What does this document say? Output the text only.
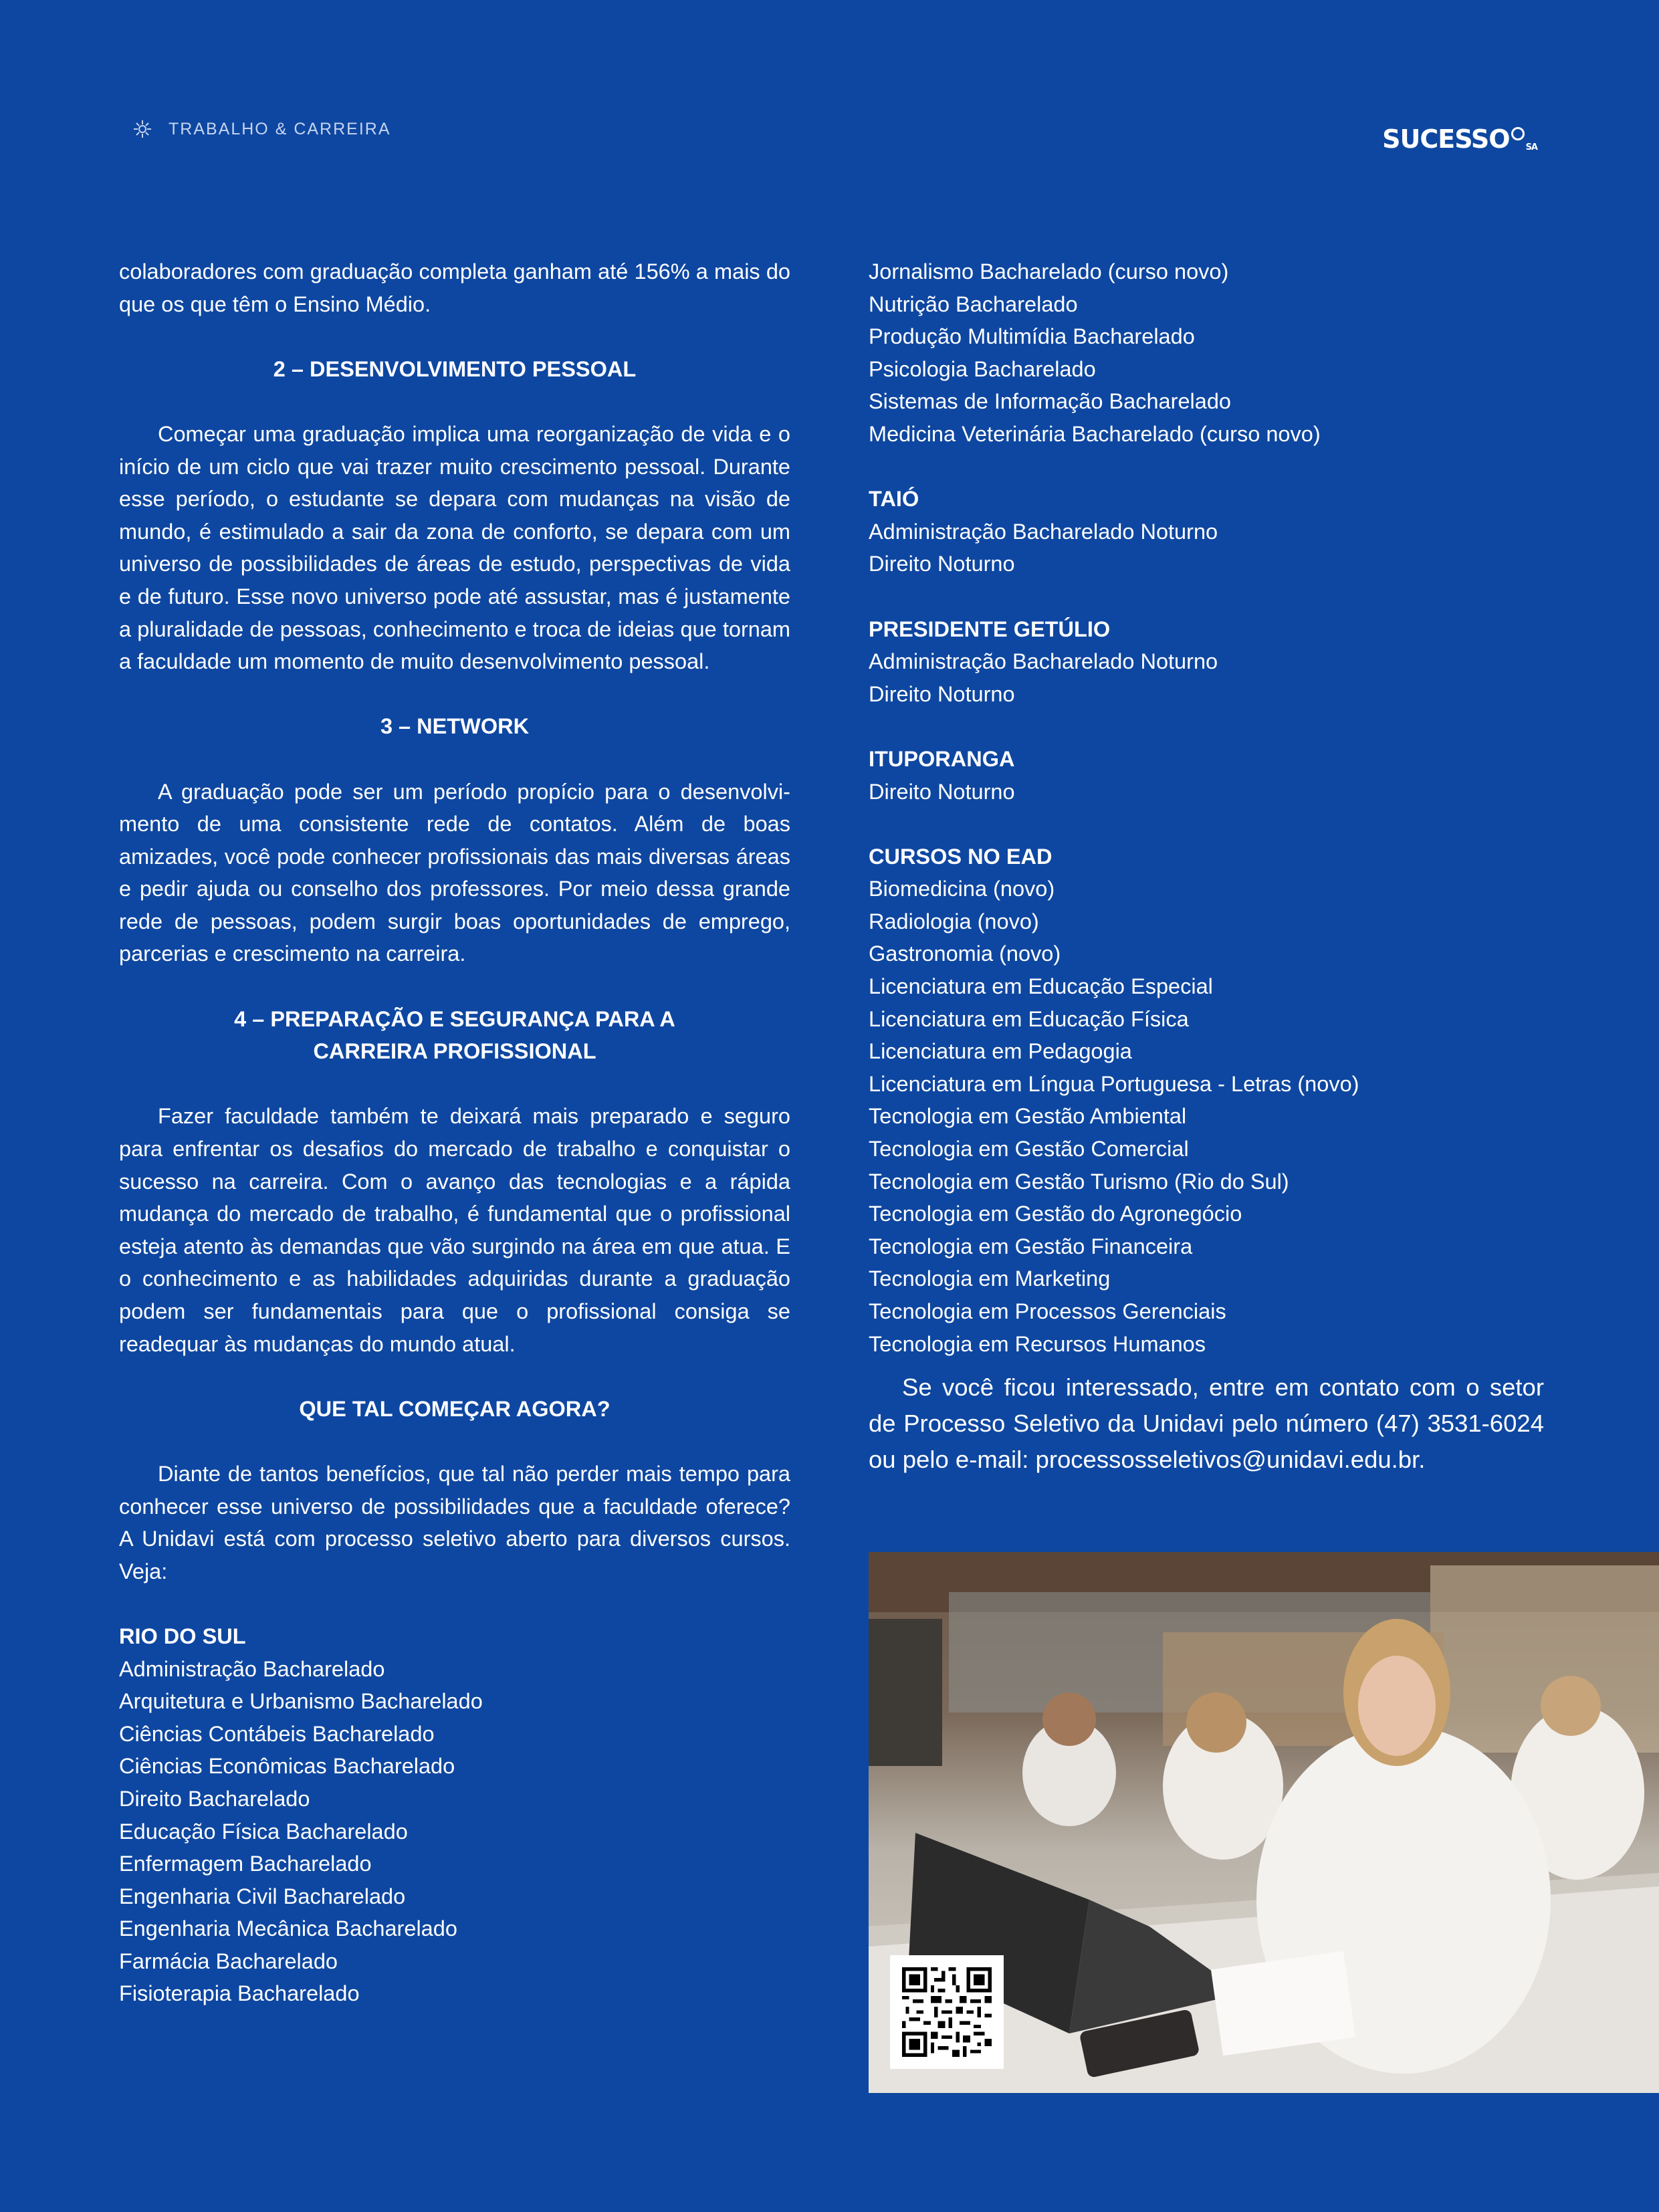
TRABALHO & CARREIRA	SUCESSO SA

colaboradores com graduação completa ganham até 156% a mais do que os que têm o Ensino Médio.

2 – DESENVOLVIMENTO PESSOAL

Começar uma graduação implica uma reorganização de vida e o início de um ciclo que vai trazer muito crescimento pessoal. Durante esse período, o estudante se depara com mudanças na visão de mundo, é estimulado a sair da zona de conforto, se depara com um universo de possibilidades de áreas de estudo, perspectivas de vida e de futuro. Esse novo universo pode até assustar, mas é justamente a pluralidade de pessoas, conhecimento e troca de ideias que tornam a faculdade um momento de muito desenvolvimento pessoal.

3 – NETWORK

A graduação pode ser um período propício para o desenvolvimento de uma consistente rede de contatos. Além de boas amizades, você pode conhecer profissionais das mais diversas áreas e pedir ajuda ou conselho dos professores. Por meio dessa grande rede de pessoas, podem surgir boas oportunidades de emprego, parcerias e crescimento na carreira.

4 – PREPARAÇÃO E SEGURANÇA PARA A

CARREIRA PROFISSIONAL

Fazer faculdade também te deixará mais preparado e seguro para enfrentar os desafios do mercado de trabalho e conquistar o sucesso na carreira. Com o avanço das tecnologias e a rápida mudança do mercado de trabalho, é fundamental que o profissional esteja atento às demandas que vão surgindo na área em que atua. E o conhecimento e as habilidades adquiridas durante a graduação podem ser fundamentais para que o profissional consiga se readequar às mudanças do mundo atual.

QUE TAL COMEÇAR AGORA?

Diante de tantos benefícios, que tal não perder mais tempo para conhecer esse universo de possibilidades que a faculdade oferece? A Unidavi está com processo seletivo aberto para diversos cursos. Veja:

RIO DO SUL

Administração Bacharelado

Arquitetura e Urbanismo Bacharelado

Ciências Contábeis Bacharelado

Ciências Econômicas Bacharelado

Direito Bacharelado

Educação Física Bacharelado

Enfermagem Bacharelado

Engenharia Civil Bacharelado

Engenharia Mecânica Bacharelado

Farmácia Bacharelado

Fisioterapia Bacharelado

Jornalismo Bacharelado (curso novo)

Nutrição Bacharelado

Produção Multimídia Bacharelado

Psicologia Bacharelado

Sistemas de Informação Bacharelado

Medicina Veterinária Bacharelado (curso novo)

TAIÓ

Administração Bacharelado Noturno

Direito Noturno

PRESIDENTE GETÚLIO

Administração Bacharelado Noturno

Direito Noturno

ITUPORANGA

Direito Noturno

CURSOS NO EAD

Biomedicina (novo)

Radiologia (novo)

Gastronomia (novo)

Licenciatura em Educação Especial

Licenciatura em Educação Física

Licenciatura em Pedagogia

Licenciatura em Língua Portuguesa - Letras (novo)

Tecnologia em Gestão Ambiental

Tecnologia em Gestão Comercial

Tecnologia em Gestão Turismo (Rio do Sul)

Tecnologia em Gestão do Agronegócio

Tecnologia em Gestão Financeira

Tecnologia em Marketing

Tecnologia em Processos Gerenciais

Tecnologia em Recursos Humanos

Se você ficou interessado, entre em contato com o setor de Processo Seletivo da Unidavi pelo número (47) 3531-6024 ou pelo e-mail: processosseletivos@unidavi.edu.br.
